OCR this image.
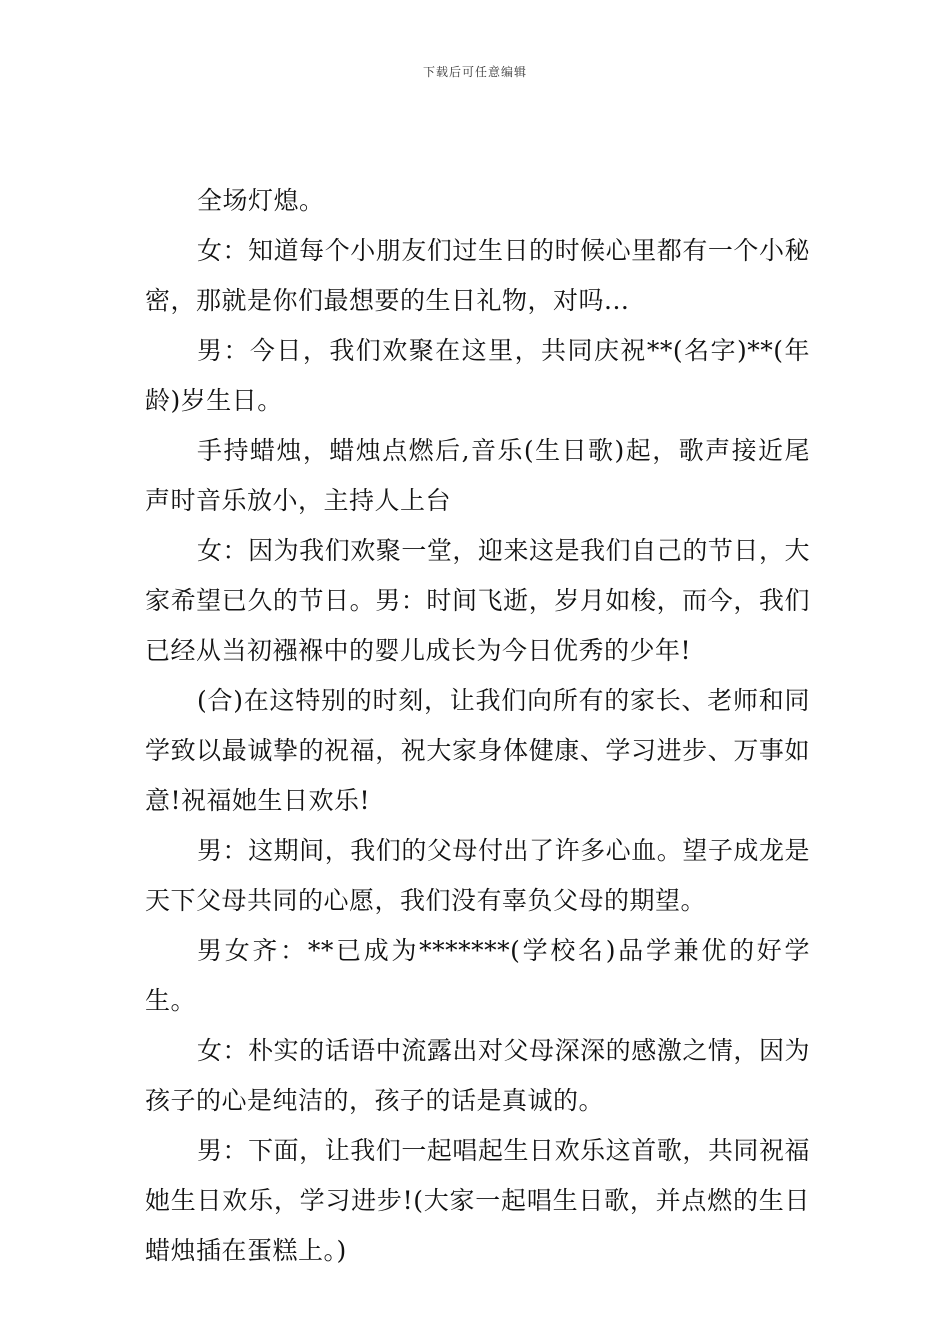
下载后可任意编辑

全场灯熄。

女：知道每个小朋友们过生日的时候心里都有一个小秘密，那就是你们最想要的生日礼物，对吗...

男：今日，我们欢聚在这里，共同庆祝**(名字)**(年龄)岁生日。

手持蜡烛，蜡烛点燃后,音乐(生日歌)起，歌声接近尾声时音乐放小，主持人上台

女：因为我们欢聚一堂，迎来这是我们自己的节日，大家希望已久的节日。男：时间飞逝，岁月如梭，而今，我们已经从当初襁褓中的婴儿成长为今日优秀的少年!

(合)在这特别的时刻，让我们向所有的家长、老师和同学致以最诚挚的祝福，祝大家身体健康、学习进步、万事如意!祝福她生日欢乐!

男：这期间，我们的父母付出了许多心血。望子成龙是天下父母共同的心愿，我们没有辜负父母的期望。

男女齐：**已成为*******(学校名)品学兼优的好学生。

女：朴实的话语中流露出对父母深深的感激之情，因为孩子的心是纯洁的，孩子的话是真诚的。

男：下面，让我们一起唱起生日欢乐这首歌，共同祝福她生日欢乐，学习进步!(大家一起唱生日歌，并点燃的生日蜡烛插在蛋糕上。)
